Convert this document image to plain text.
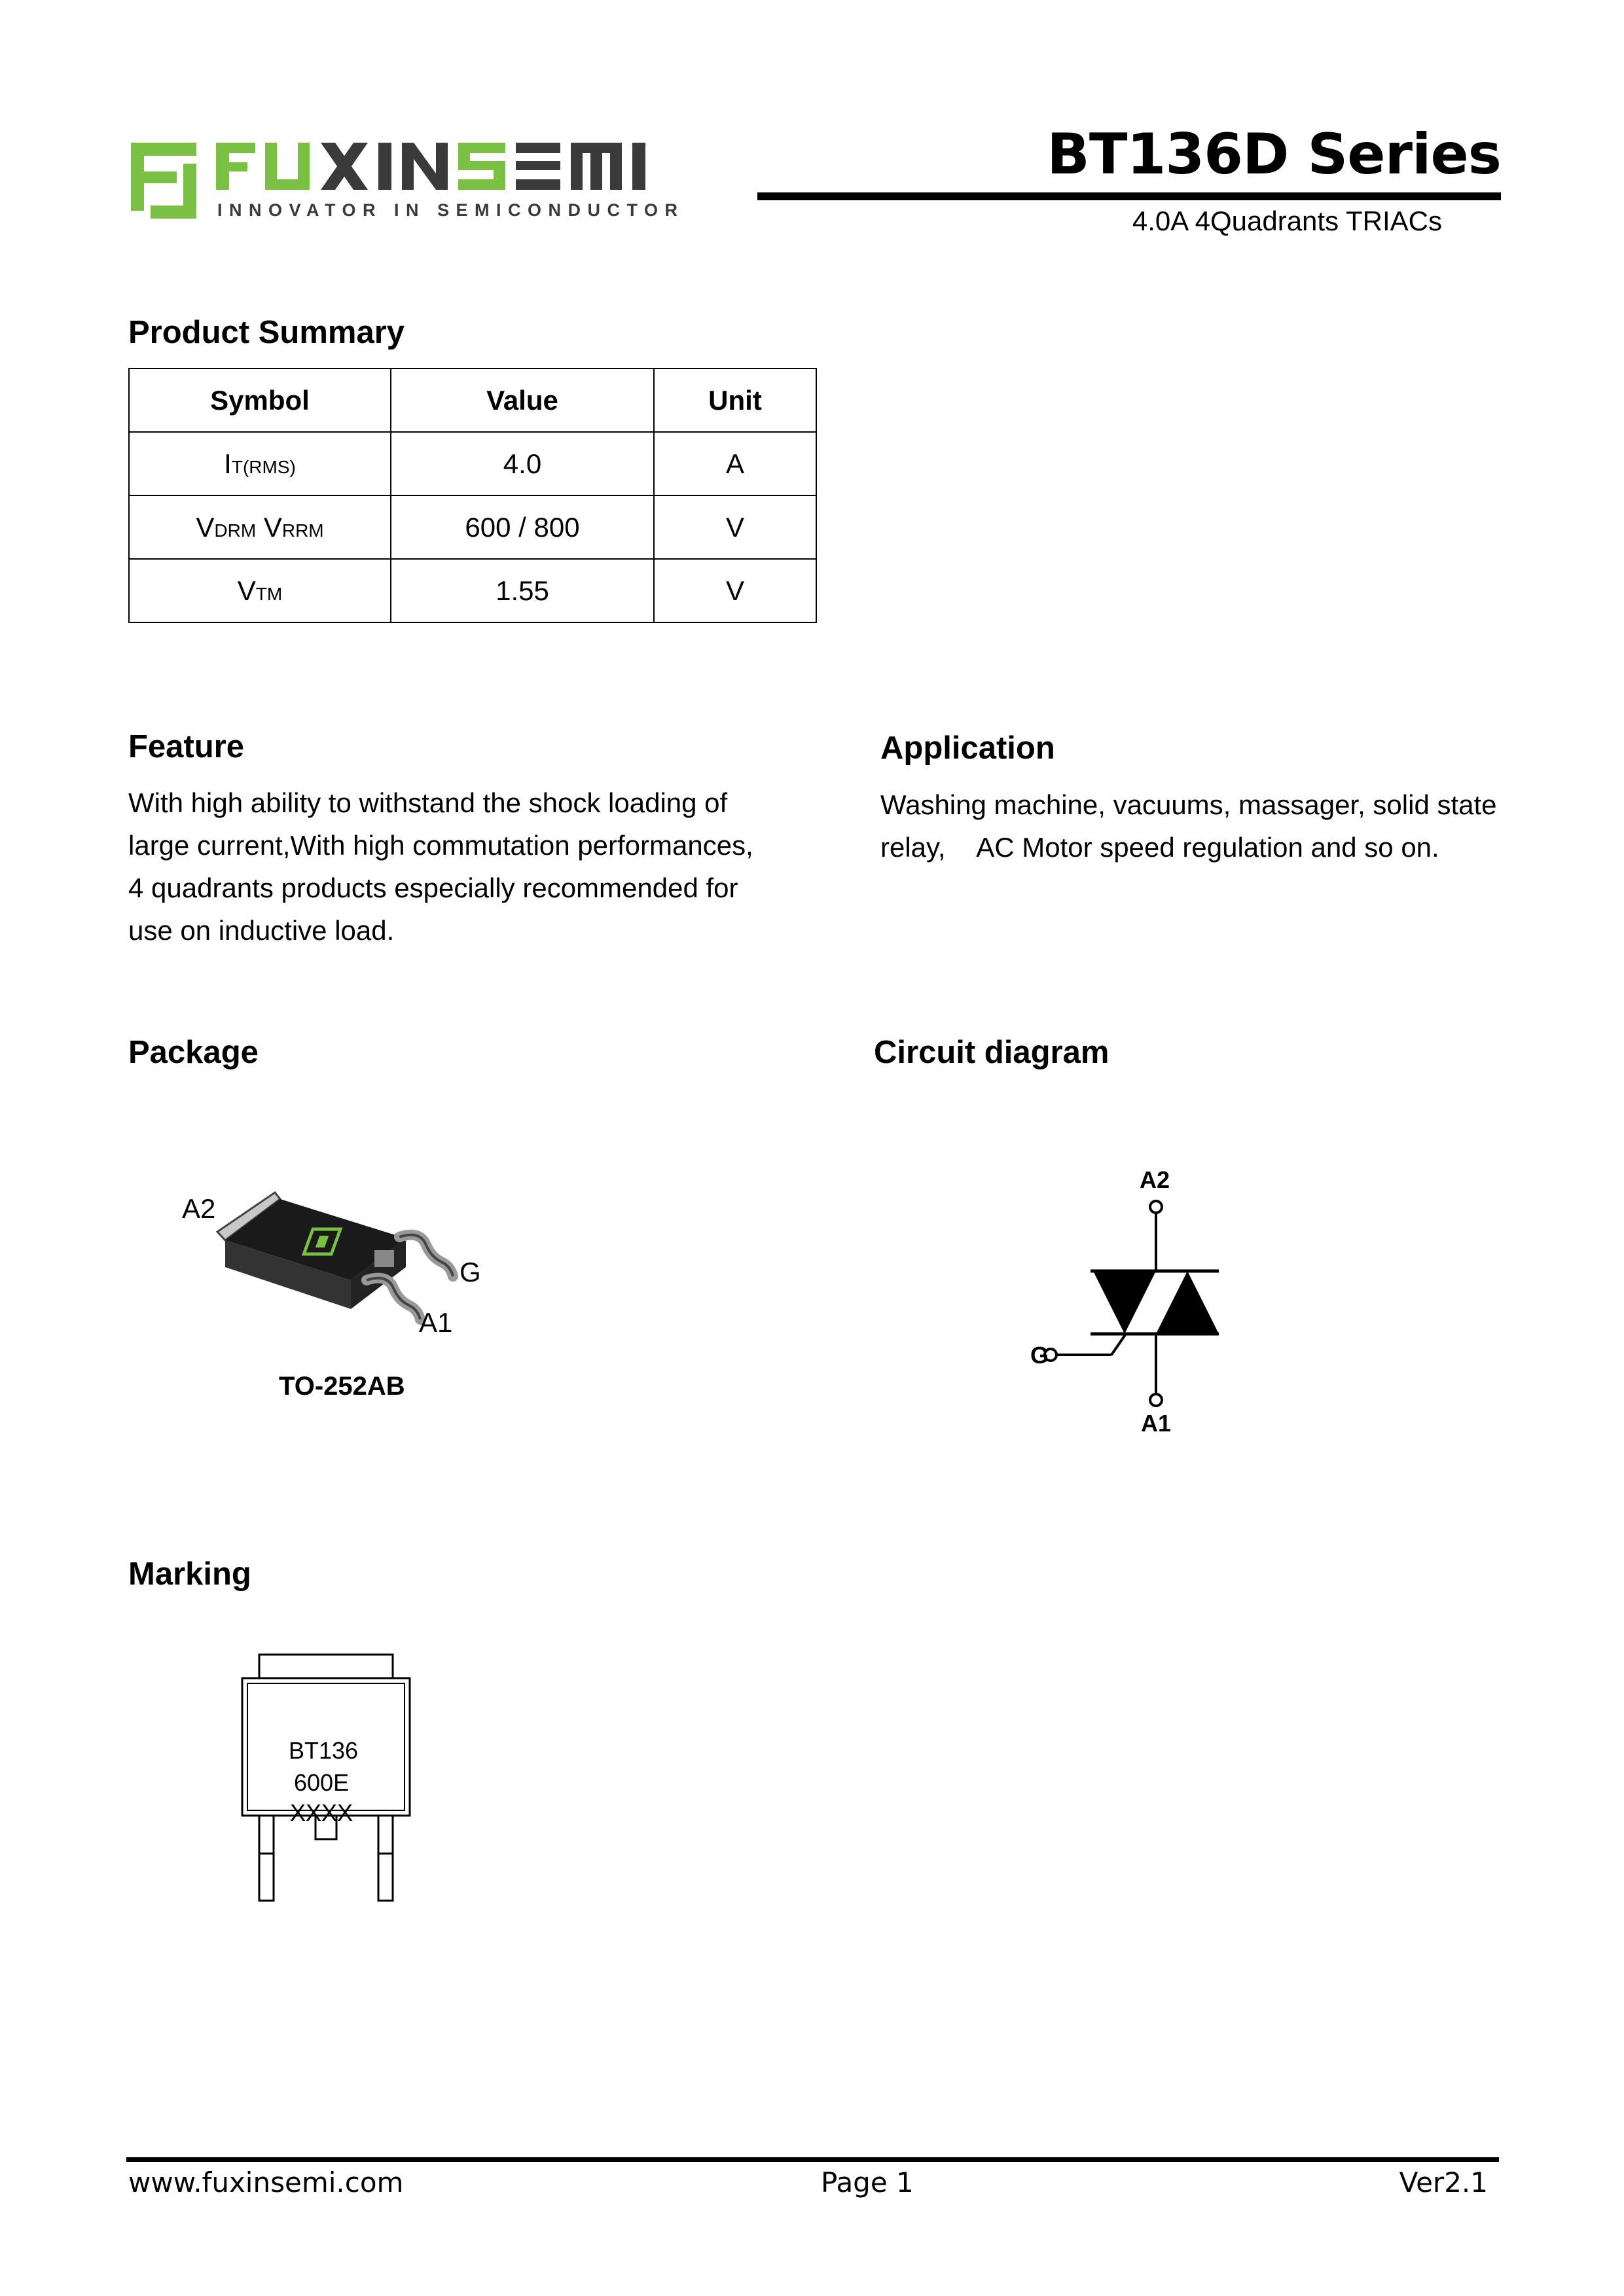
INNOVATOR IN SEMICONDUCTOR
BT136D Series
4.0A 4Quadrants TRIACs
Product Summary
Symbol	Value	Unit
IT(RMS)	4.0	A
VDRM VRRM	600 / 800	V
VTM	1.55	V
Feature
With high ability to withstand the shock loading of
large current,With high commutation performances,
4 quadrants products especially recommended for
use on inductive load.
Application
Washing machine, vacuums, massager, solid state
relay,    AC Motor speed regulation and so on.
Package
A2
G
A1
TO-252AB
Circuit diagram
A2
G
A1
Marking
BT136
600E
XXXX
www.fuxinsemi.com	Page 1	Ver2.1
